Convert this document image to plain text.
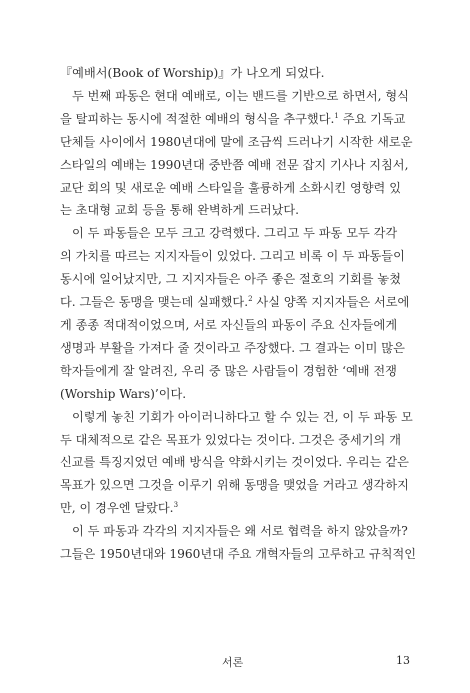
『예배서(Book of Worship)』가 나오게 되었다.
두 번째 파동은 현대 예배로, 이는 밴드를 기반으로 하면서, 형식
을 탈피하는 동시에 적절한 예배의 형식을 추구했다.$^1$ 주요 기독교
단체들 사이에서 1980년대에 말에 조금씩 드러나기 시작한 새로운
스타일의 예배는 1990년대 중반쯤 예배 전문 잡지 기사나 지침서,
교단 회의 및 새로운 예배 스타일을 훌륭하게 소화시킨 영향력 있
는 초대형 교회 등을 통해 완벽하게 드러났다.
이 두 파동들은 모두 크고 강력했다. 그리고 두 파동 모두 각각
의 가치를 따르는 지지자들이 있었다. 그리고 비록 이 두 파동들이
동시에 일어났지만, 그 지지자들은 아주 좋은 절호의 기회를 놓쳤
다. 그들은 동맹을 맺는데 실패했다.$^2$ 사실 양쪽 지지자들은 서로에
게 종종 적대적이었으며, 서로 자신들의 파동이 주요 신자들에게
생명과 부활을 가져다 줄 것이라고 주장했다. 그 결과는 이미 많은
학자들에게 잘 알려진, 우리 중 많은 사람들이 경험한 ‘예배 전쟁
(Worship Wars)’이다.
이렇게 놓친 기회가 아이러니하다고 할 수 있는 건, 이 두 파동 모
두 대체적으로 같은 목표가 있었다는 것이다. 그것은 중세기의 개
신교를 특징지었던 예배 방식을 약화시키는 것이었다. 우리는 같은
목표가 있으면 그것을 이루기 위해 동맹을 맺었을 거라고 생각하지
만, 이 경우엔 달랐다.$^3$
이 두 파동과 각각의 지지자들은 왜 서로 협력을 하지 않았을까?
그들은 1950년대와 1960년대 주요 개혁자들의 고루하고 규칙적인
서론	13
